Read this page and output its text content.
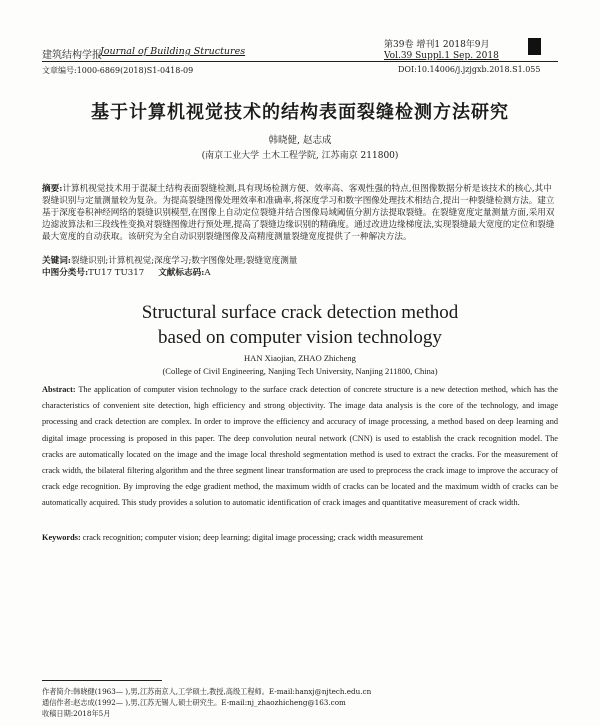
建筑结构学报
Journal of Building Structures
第39卷 增刊1 2018年9月
Vol.39 Suppl.1 Sep. 2018
文章编号:1000-6869(2018)S1-0418-09	DOI:10.14006/j.jzjgxb.2018.S1.055
基于计算机视觉技术的结构表面裂缝检测方法研究
韩晓健, 赵志成
(南京工业大学 土木工程学院, 江苏南京 211800)
摘要:计算机视觉技术用于混凝土结构表面裂缝检测,具有现场检测方便、效率高、客观性强的特点,但图像数据分析是该技术的核心,其中裂缝识别与定量测量较为复杂。为提高裂缝图像处理效率和准确率,将深度学习和数字图像处理技术相结合,提出一种裂缝检测方法。建立基于深度卷积神经网络的裂缝识别模型,在图像上自动定位裂缝并结合图像局域阈值分割方法提取裂缝。在裂缝宽度定量测量方面,采用双边滤波算法和三段线性变换对裂缝图像进行预处理,提高了裂缝边缘识别的精确度。通过改进边缘梯度法,实现裂缝最大宽度的定位和裂缝最大宽度的自动获取。该研究为全自动识别裂缝图像及高精度测量裂缝宽度提供了一种解决方法。
关键词:裂缝识别;计算机视觉;深度学习;数字图像处理;裂缝宽度测量
中图分类号:TU17 TU317 文献标志码:A
Structural surface crack detection method
based on computer vision technology
HAN Xiaojian, ZHAO Zhicheng
(College of Civil Engineering, Nanjing Tech University, Nanjing 211800, China)
Abstract: The application of computer vision technology to the surface crack detection of concrete structure is a new detection method, which has the characteristics of convenient site detection, high efficiency and strong objectivity. The image data analysis is the core of the technology, and image processing and crack detection are complex. In order to improve the efficiency and accuracy of image processing, a method based on deep learning and digital image processing is proposed in this paper. The deep convolution neural network (CNN) is used to establish the crack recognition model. The cracks are automatically located on the image and the image local threshold segmentation method is used to extract the cracks. For the measurement of crack width, the bilateral filtering algorithm and the three segment linear transformation are used to preprocess the crack image to improve the accuracy of crack edge recognition. By improving the edge gradient method, the maximum width of cracks can be located and the maximum width of cracks can be automatically acquired. This study provides a solution to automatic identification of crack images and quantitative measurement of crack width.
Keywords: crack recognition; computer vision; deep learning; digital image processing; crack width measurement
作者简介:韩晓健(1963— ),男,江苏南京人,工学硕士,教授,高级工程师。E-mail:hanxj@njtech.edu.cn
通信作者:赵志成(1992— ),男,江苏无锡人,硕士研究生。E-mail:nj_zhaozhicheng@163.com
收稿日期:2018年5月
